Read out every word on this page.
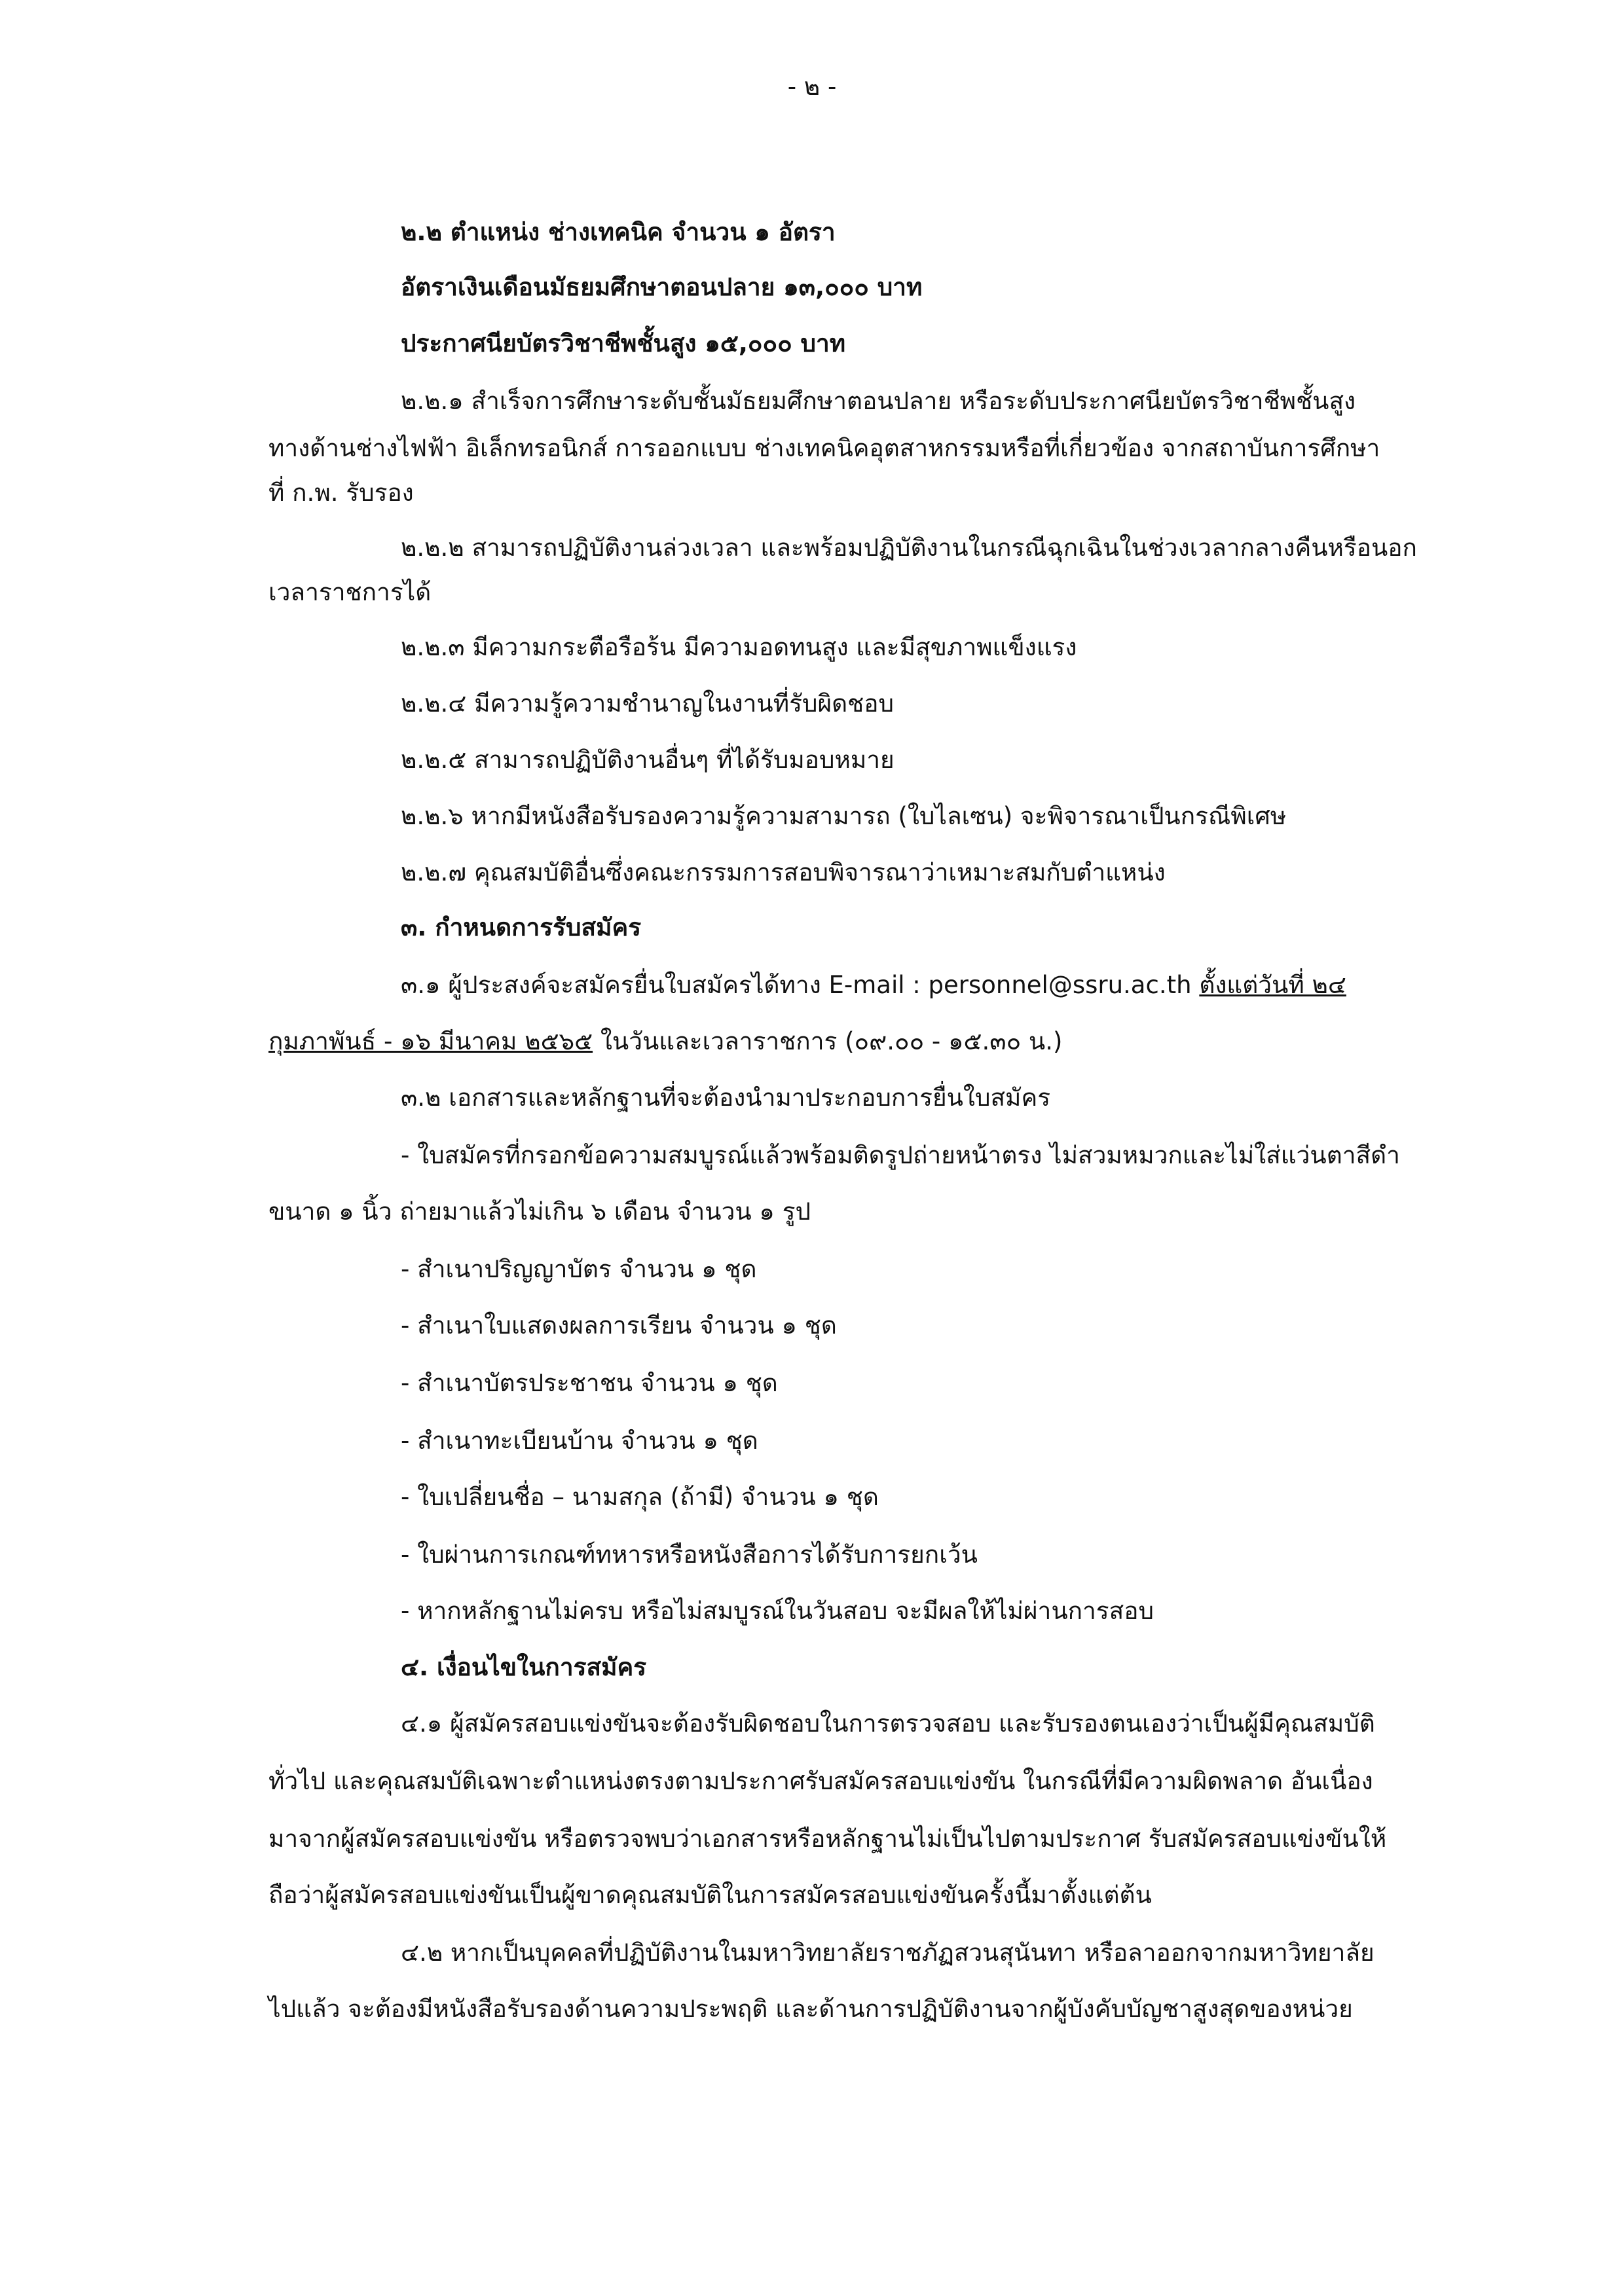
- ๒ -
๒.๒ ตำแหน่ง ช่างเทคนิค จำนวน ๑ อัตรา
อัตราเงินเดือนมัธยมศึกษาตอนปลาย ๑๓,๐๐๐ บาท
ประกาศนียบัตรวิชาชีพชั้นสูง ๑๕,๐๐๐ บาท
๒.๒.๑ สำเร็จการศึกษาระดับชั้นมัธยมศึกษาตอนปลาย หรือระดับประกาศนียบัตรวิชาชีพชั้นสูง
ทางด้านช่างไฟฟ้า อิเล็กทรอนิกส์ การออกแบบ ช่างเทคนิคอุตสาหกรรมหรือที่เกี่ยวข้อง จากสถาบันการศึกษา
ที่ ก.พ. รับรอง
๒.๒.๒ สามารถปฏิบัติงานล่วงเวลา และพร้อมปฏิบัติงานในกรณีฉุกเฉินในช่วงเวลากลางคืนหรือนอก
เวลาราชการได้
๒.๒.๓ มีความกระตือรือร้น มีความอดทนสูง และมีสุขภาพแข็งแรง
๒.๒.๔ มีความรู้ความชำนาญในงานที่รับผิดชอบ
๒.๒.๕ สามารถปฏิบัติงานอื่นๆ ที่ได้รับมอบหมาย
๒.๒.๖ หากมีหนังสือรับรองความรู้ความสามารถ (ใบไลเซน) จะพิจารณาเป็นกรณีพิเศษ
๒.๒.๗ คุณสมบัติอื่นซึ่งคณะกรรมการสอบพิจารณาว่าเหมาะสมกับตำแหน่ง
๓. กำหนดการรับสมัคร
๓.๑ ผู้ประสงค์จะสมัครยื่นใบสมัครได้ทาง E-mail : personnel@ssru.ac.th ตั้งแต่วันที่ ๒๔
กุมภาพันธ์ - ๑๖ มีนาคม ๒๕๖๕ ในวันและเวลาราชการ (๐๙.๐๐ - ๑๕.๓๐ น.)
๓.๒ เอกสารและหลักฐานที่จะต้องนำมาประกอบการยื่นใบสมัคร
- ใบสมัครที่กรอกข้อความสมบูรณ์แล้วพร้อมติดรูปถ่ายหน้าตรง ไม่สวมหมวกและไม่ใส่แว่นตาสีดำ
ขนาด ๑ นิ้ว ถ่ายมาแล้วไม่เกิน ๖ เดือน จำนวน ๑ รูป
- สำเนาปริญญาบัตร จำนวน ๑ ชุด
- สำเนาใบแสดงผลการเรียน จำนวน ๑ ชุด
- สำเนาบัตรประชาชน จำนวน ๑ ชุด
- สำเนาทะเบียนบ้าน จำนวน ๑ ชุด
- ใบเปลี่ยนชื่อ – นามสกุล (ถ้ามี) จำนวน ๑ ชุด
- ใบผ่านการเกณฑ์ทหารหรือหนังสือการได้รับการยกเว้น
- หากหลักฐานไม่ครบ หรือไม่สมบูรณ์ในวันสอบ จะมีผลให้ไม่ผ่านการสอบ
๔. เงื่อนไขในการสมัคร
๔.๑ ผู้สมัครสอบแข่งขันจะต้องรับผิดชอบในการตรวจสอบ และรับรองตนเองว่าเป็นผู้มีคุณสมบัติ
ทั่วไป และคุณสมบัติเฉพาะตำแหน่งตรงตามประกาศรับสมัครสอบแข่งขัน ในกรณีที่มีความผิดพลาด อันเนื่อง
มาจากผู้สมัครสอบแข่งขัน หรือตรวจพบว่าเอกสารหรือหลักฐานไม่เป็นไปตามประกาศ รับสมัครสอบแข่งขันให้
ถือว่าผู้สมัครสอบแข่งขันเป็นผู้ขาดคุณสมบัติในการสมัครสอบแข่งขันครั้งนี้มาตั้งแต่ต้น
๔.๒ หากเป็นบุคคลที่ปฏิบัติงานในมหาวิทยาลัยราชภัฏสวนสุนันทา หรือลาออกจากมหาวิทยาลัย
ไปแล้ว จะต้องมีหนังสือรับรองด้านความประพฤติ และด้านการปฏิบัติงานจากผู้บังคับบัญชาสูงสุดของหน่วย
